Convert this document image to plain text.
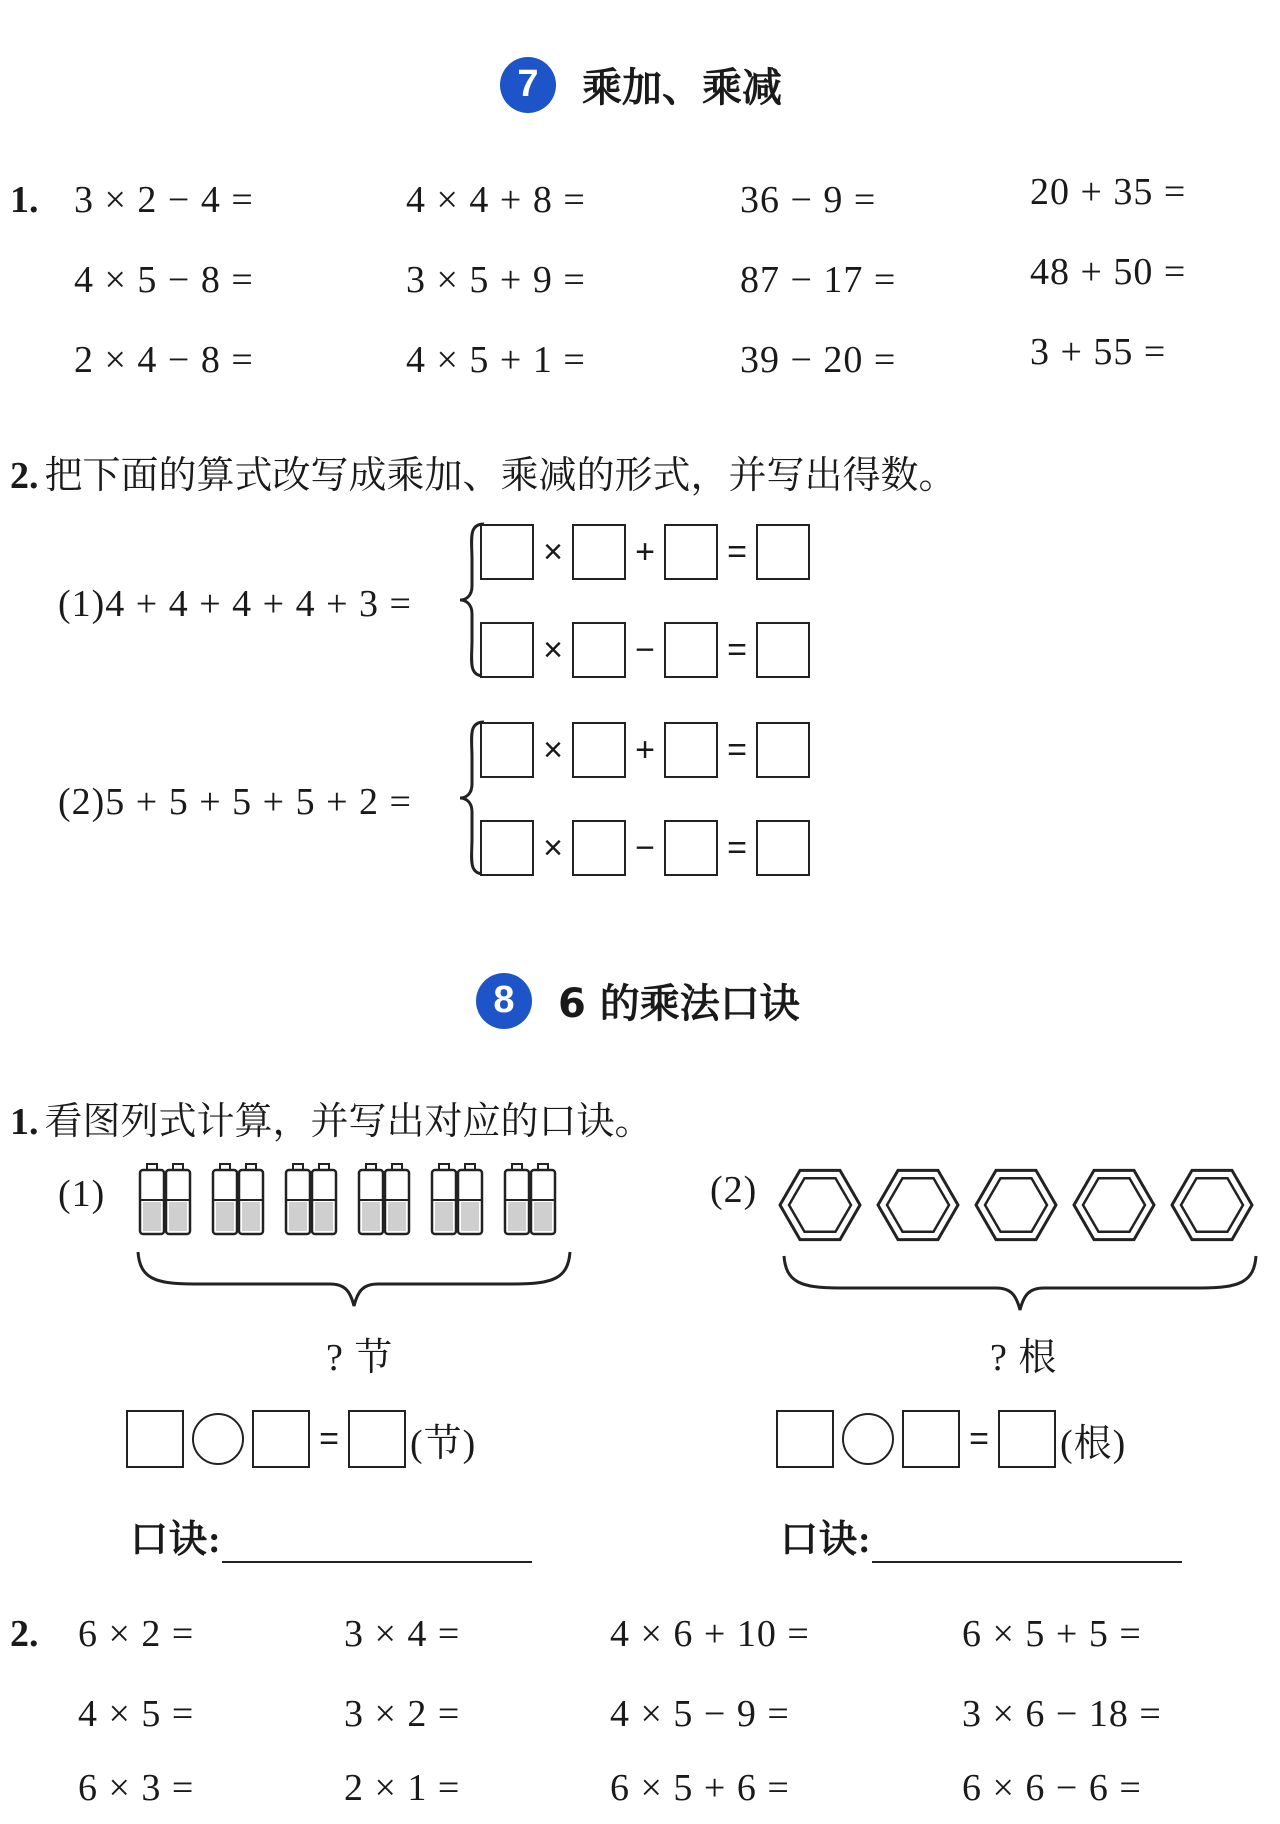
7	乘加、乘减
1. 3 × 2 − 4 =	4 × 4 + 8 =	36 − 9 =	20 + 35 =
4 × 5 − 8 =	3 × 5 + 9 =	87 − 17 =	48 + 50 =
2 × 4 − 8 =	4 × 5 + 1 =	39 − 20 =	3 + 55 =
2. 把下面的算式改写成乘加、乘减的形式，并写出得数。
(1)4 + 4 + 4 + 4 + 3 =
× + =
× − =
(2)5 + 5 + 5 + 5 + 2 =
× + =
× − =
8	6 的乘法口诀
1. 看图列式计算，并写出对应的口诀。
(1)
? 节
= (节)
口诀:
(2)
? 根
= (根)
口诀:
2. 6 × 2 =	3 × 4 =	4 × 6 + 10 =	6 × 5 + 5 =
4 × 5 =	3 × 2 =	4 × 5 − 9 =	3 × 6 − 18 =
6 × 3 =	2 × 1 =	6 × 5 + 6 =	6 × 6 − 6 =
